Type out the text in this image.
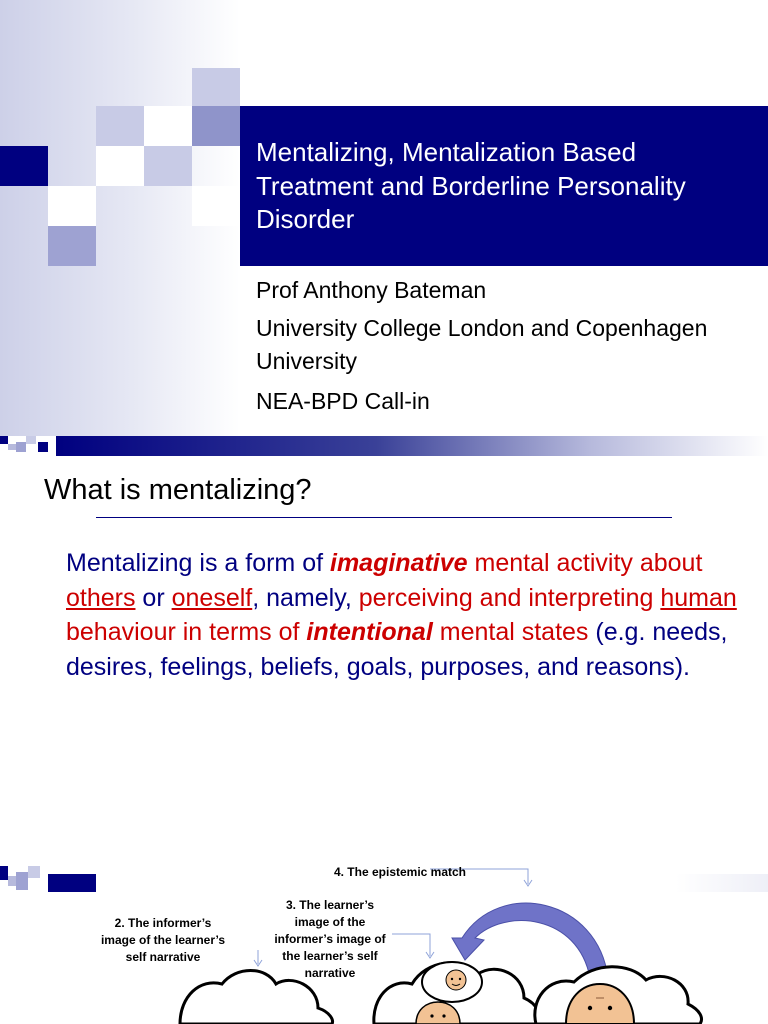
Mentalizing, Mentalization Based Treatment and Borderline Personality Disorder
Prof Anthony Bateman
University College London and Copenhagen University
NEA-BPD Call-in
What is mentalizing?
Mentalizing is a form of imaginative mental activity about others or oneself, namely, perceiving and interpreting human behaviour in terms of intentional mental states (e.g. needs, desires, feelings, beliefs, goals, purposes, and reasons).
4. The epistemic match
3. The learner’s image of the informer’s image of the learner’s self narrative
2. The informer’s image of the learner’s self narrative
